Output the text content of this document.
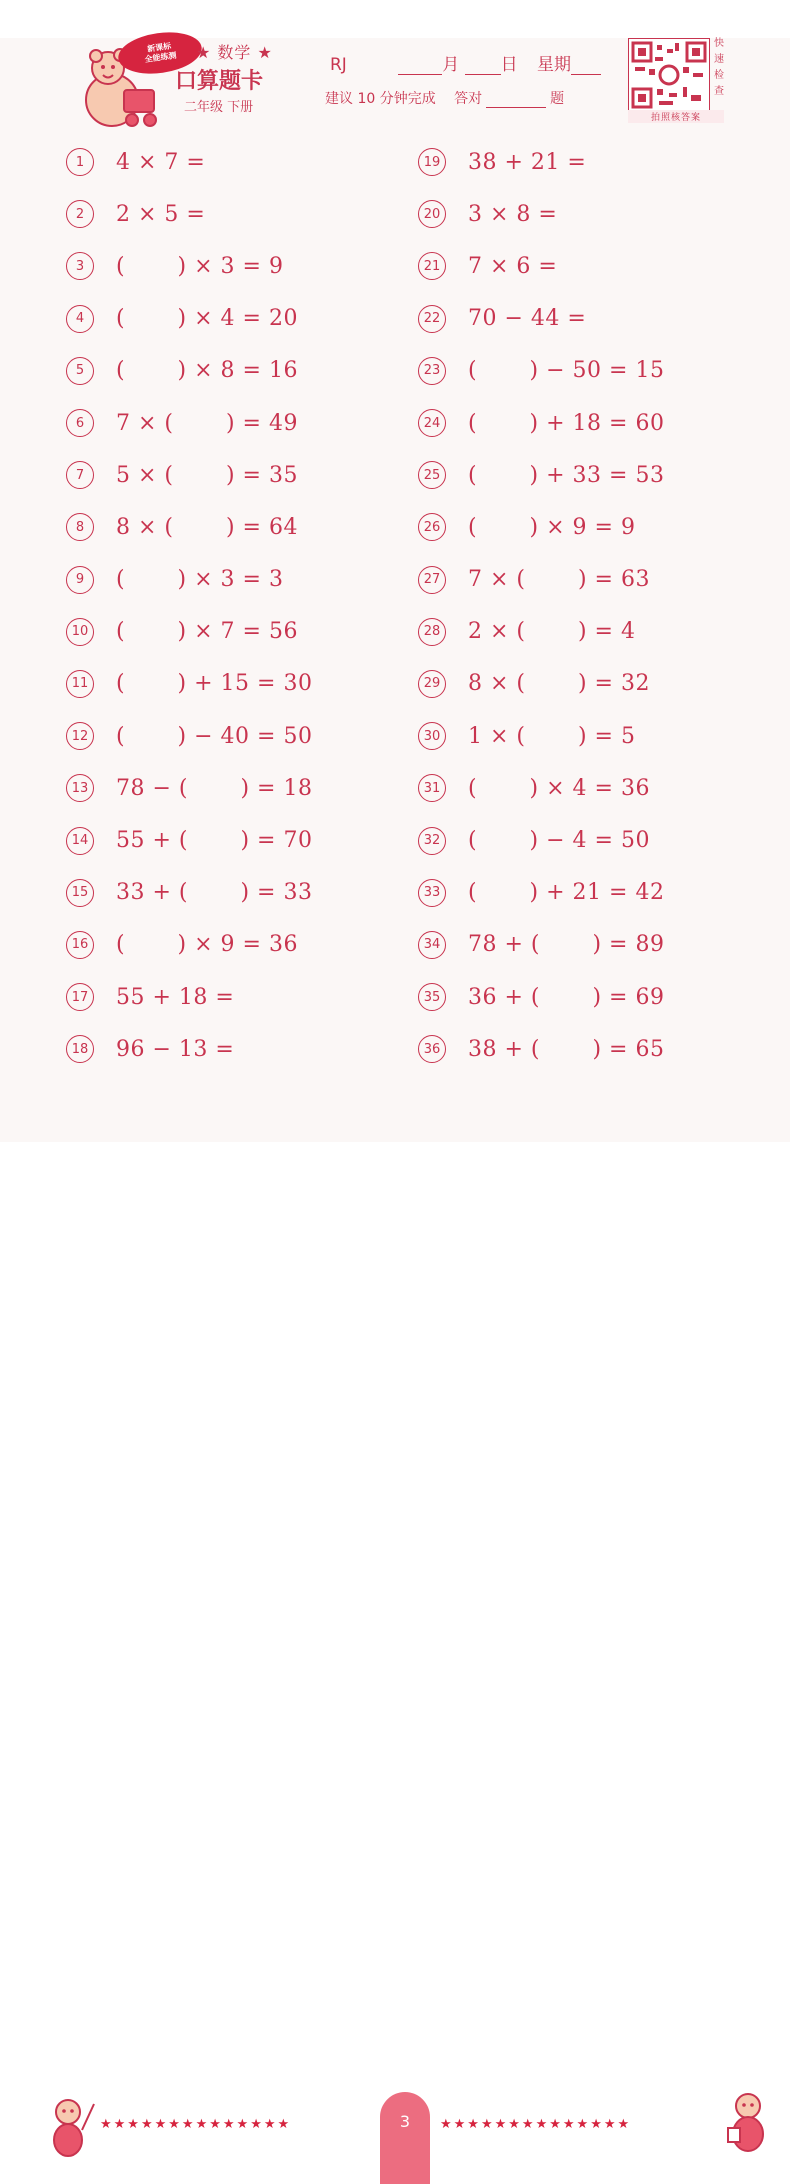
新课标
全能练测 ★ 数学 ★
口算题卡
二年级 下册
RJ	月 日 星期
建议 10 分钟完成 答对	题
快
速
检
查
拍照核答案
1	4 × 7 =
2	2 × 5 =
3	(       ) × 3 = 9
4	(       ) × 4 = 20
5	(       ) × 8 = 16
6	7 × (       ) = 49
7	5 × (       ) = 35
8	8 × (       ) = 64
9	(       ) × 3 = 3
10 (       ) × 7 = 56
11 (       ) + 15 = 30
12 (       ) − 40 = 50
13 78 − (       ) = 18
14 55 + (       ) = 70
15 33 + (       ) = 33
16 (       ) × 9 = 36
17 55 + 18 =
18 96 − 13 =
19 38 + 21 =
20 3 × 8 =
21 7 × 6 =
22 70 − 44 =
23 (       ) − 50 = 15
24 (       ) + 18 = 60
25 (       ) + 33 = 53
26 (       ) × 9 = 9
27 7 × (       ) = 63
28 2 × (       ) = 4
29 8 × (       ) = 32
30 1 × (       ) = 5
31 (       ) × 4 = 36
32 (       ) − 4 = 50
33 (       ) + 21 = 42
34 78 + (       ) = 89
35 36 + (       ) = 69
36 38 + (       ) = 65
★★★★★★★★★★★★★★	3	★★★★★★★★★★★★★★
